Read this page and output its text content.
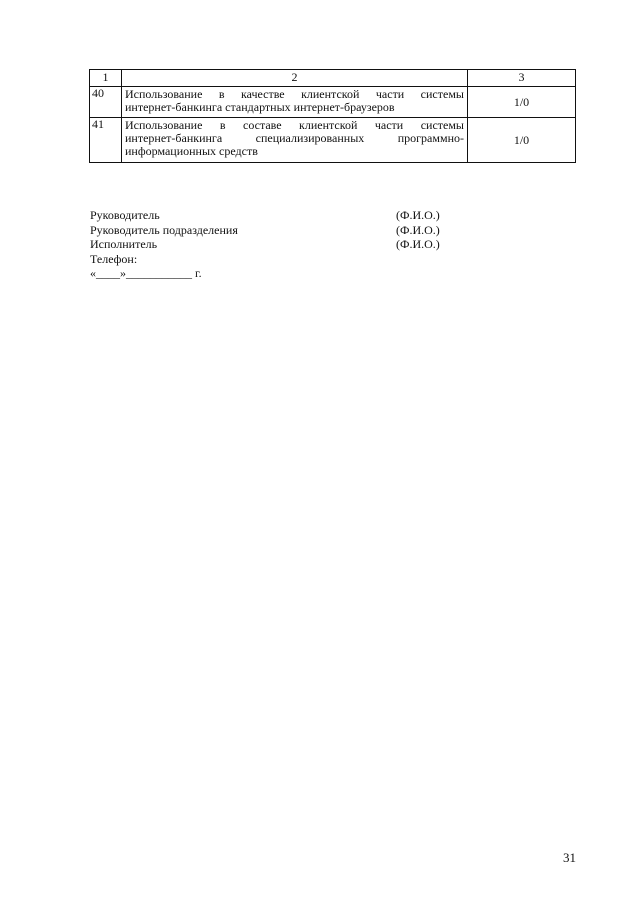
1	2	3
40	Использование в качестве клиентской части системы
интернет-банкинга стандартных интернет-браузеров	1/0
41	Использование в составе клиентской части системы
интернет-банкинга специализированных программно-
информационных средств	1/0
Руководитель	(Ф.И.О.)
Руководитель подразделения	(Ф.И.О.)
Исполнитель	(Ф.И.О.)
Телефон:
«____»___________ г.
31
